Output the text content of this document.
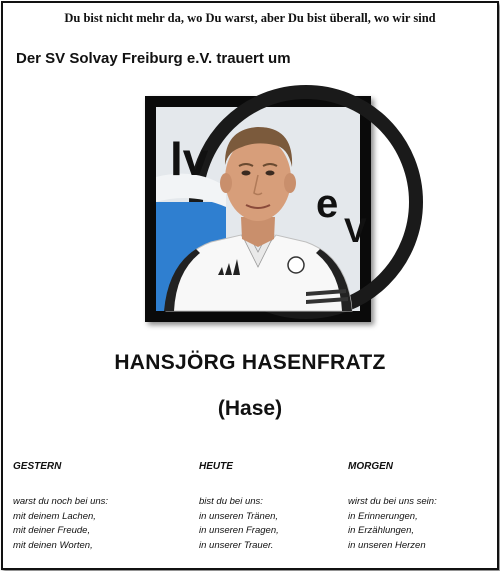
Du bist nicht mehr da, wo Du warst, aber Du bist überall, wo wir sind
Der SV Solvay Freiburg e.V. trauert um
lv
e
V
HANSJÖRG HASENFRATZ
(Hase)
GESTERN
warst du noch bei uns:
mit deinem Lachen,
mit deiner Freude,
mit deinen Worten,
HEUTE
bist du bei uns:
in unseren Tränen,
in unseren Fragen,
in unserer Trauer.
MORGEN
wirst du bei uns sein:
in Erinnerungen,
in Erzählungen,
in unseren Herzen
